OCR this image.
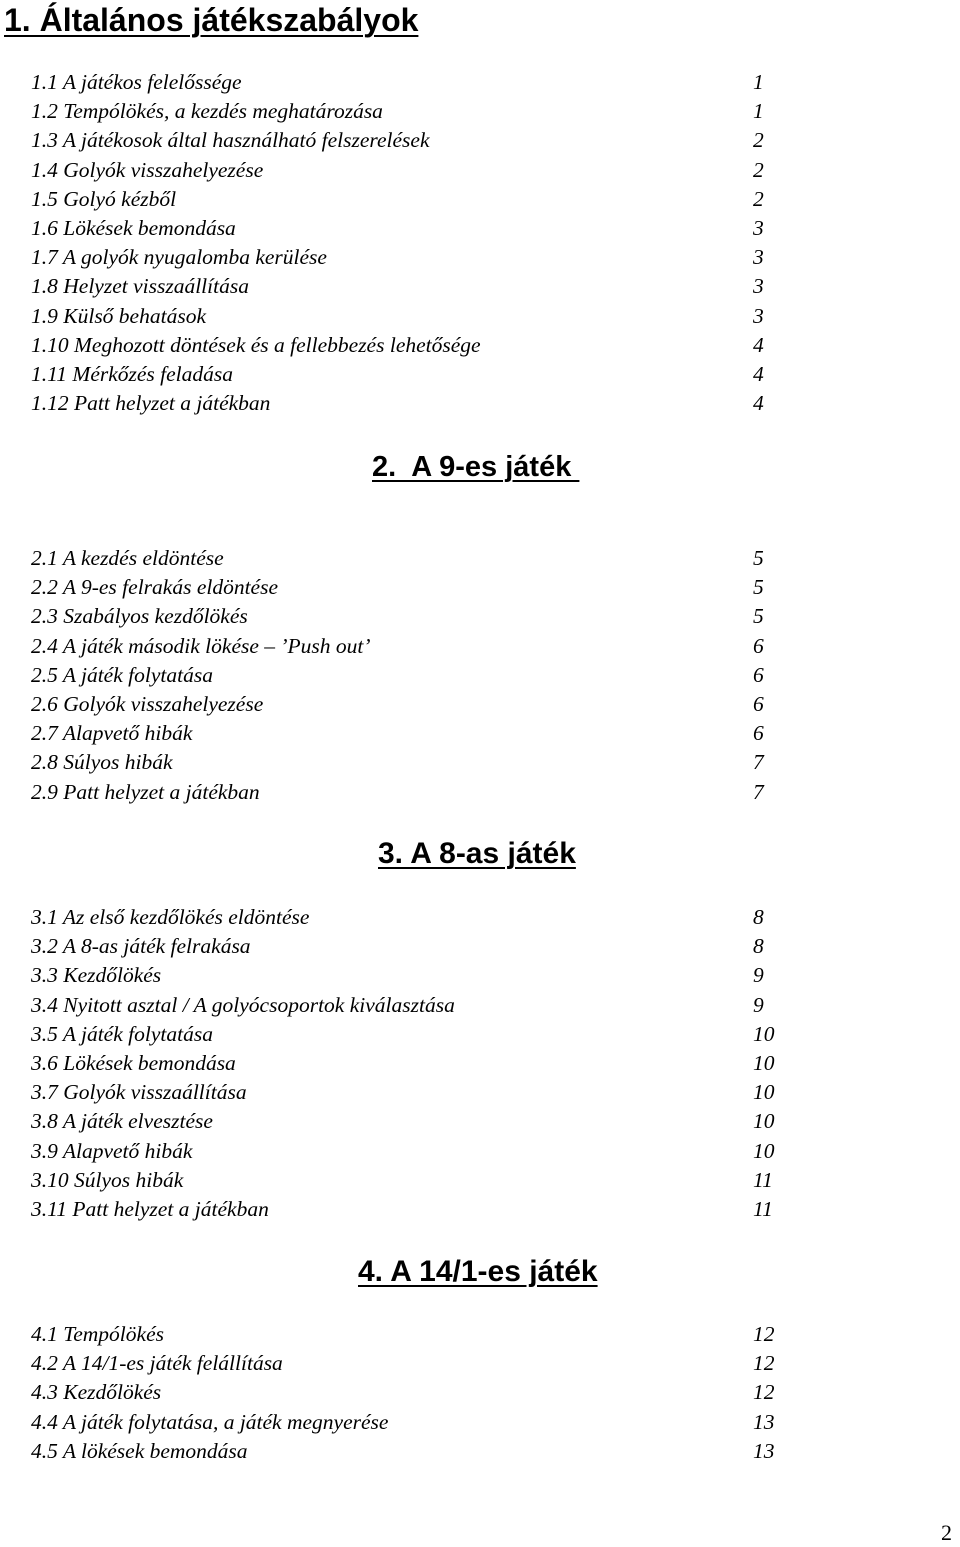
1. Általános játékszabályok
1.1 A játékos felelőssége	1
1.2 Tempólökés, a kezdés meghatározása	1
1.3 A játékosok által használható felszerelések	2
1.4 Golyók visszahelyezése	2
1.5 Golyó kézből	2
1.6 Lökések bemondása	3
1.7 A golyók nyugalomba kerülése	3
1.8 Helyzet visszaállítása	3
1.9 Külső behatások	3
1.10 Meghozott döntések és a fellebbezés lehetősége	4
1.11 Mérkőzés feladása	4
1.12 Patt helyzet a játékban	4
2.  A 9-es játék
2.1 A kezdés eldöntése	5
2.2 A 9-es felrakás eldöntése	5
2.3 Szabályos kezdőlökés	5
2.4 A játék második lökése – ’Push out’	6
2.5 A játék folytatása	6
2.6 Golyók visszahelyezése	6
2.7 Alapvető hibák	6
2.8 Súlyos hibák	7
2.9 Patt helyzet a játékban	7
3. A 8-as játék
3.1 Az első kezdőlökés eldöntése	8
3.2 A 8-as játék felrakása	8
3.3 Kezdőlökés	9
3.4 Nyitott asztal / A golyócsoportok kiválasztása	9
3.5 A játék folytatása	10
3.6 Lökések bemondása	10
3.7 Golyók visszaállítása	10
3.8 A játék elvesztése	10
3.9 Alapvető hibák	10
3.10 Súlyos hibák	11
3.11 Patt helyzet a játékban	11
4. A 14/1-es játék
4.1 Tempólökés	12
4.2 A 14/1-es játék felállítása	12
4.3 Kezdőlökés	12
4.4 A játék folytatása, a játék megnyerése	13
4.5 A lökések bemondása	13
2
